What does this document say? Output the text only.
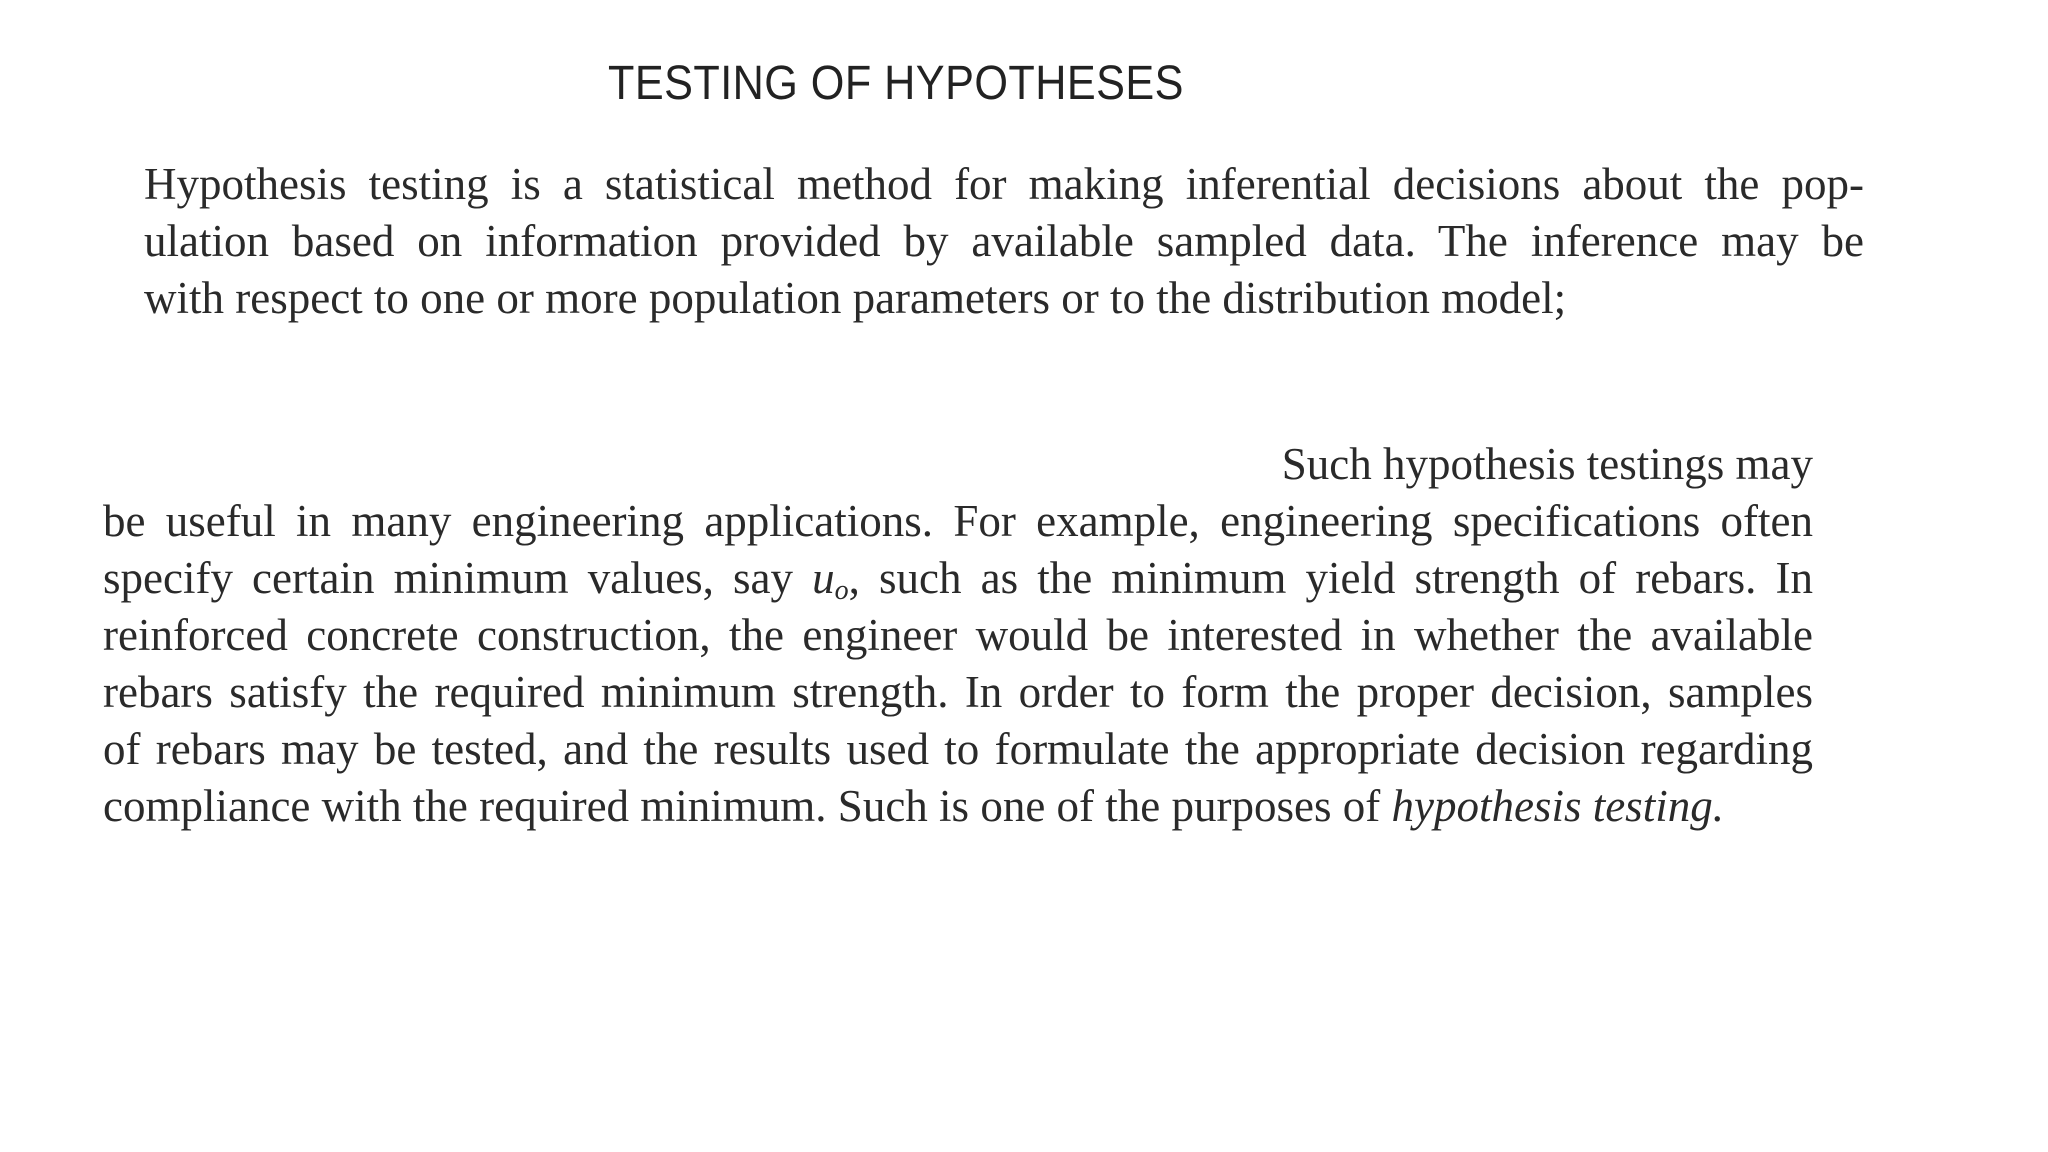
TESTING OF HYPOTHESES
Hypothesis testing is a statistical method for making inferential decisions about the pop-
ulation based on information provided by available sampled data. The inference may be
with respect to one or more population parameters or to the distribution model;
Such hypothesis testings may
be useful in many engineering applications. For example, engineering specifications often
specify certain minimum values, say $u_o$, such as the minimum yield strength of rebars. In
reinforced concrete construction, the engineer would be interested in whether the available
rebars satisfy the required minimum strength. In order to form the proper decision, samples
of rebars may be tested, and the results used to formulate the appropriate decision regarding
compliance with the required minimum. Such is one of the purposes of hypothesis testing.
